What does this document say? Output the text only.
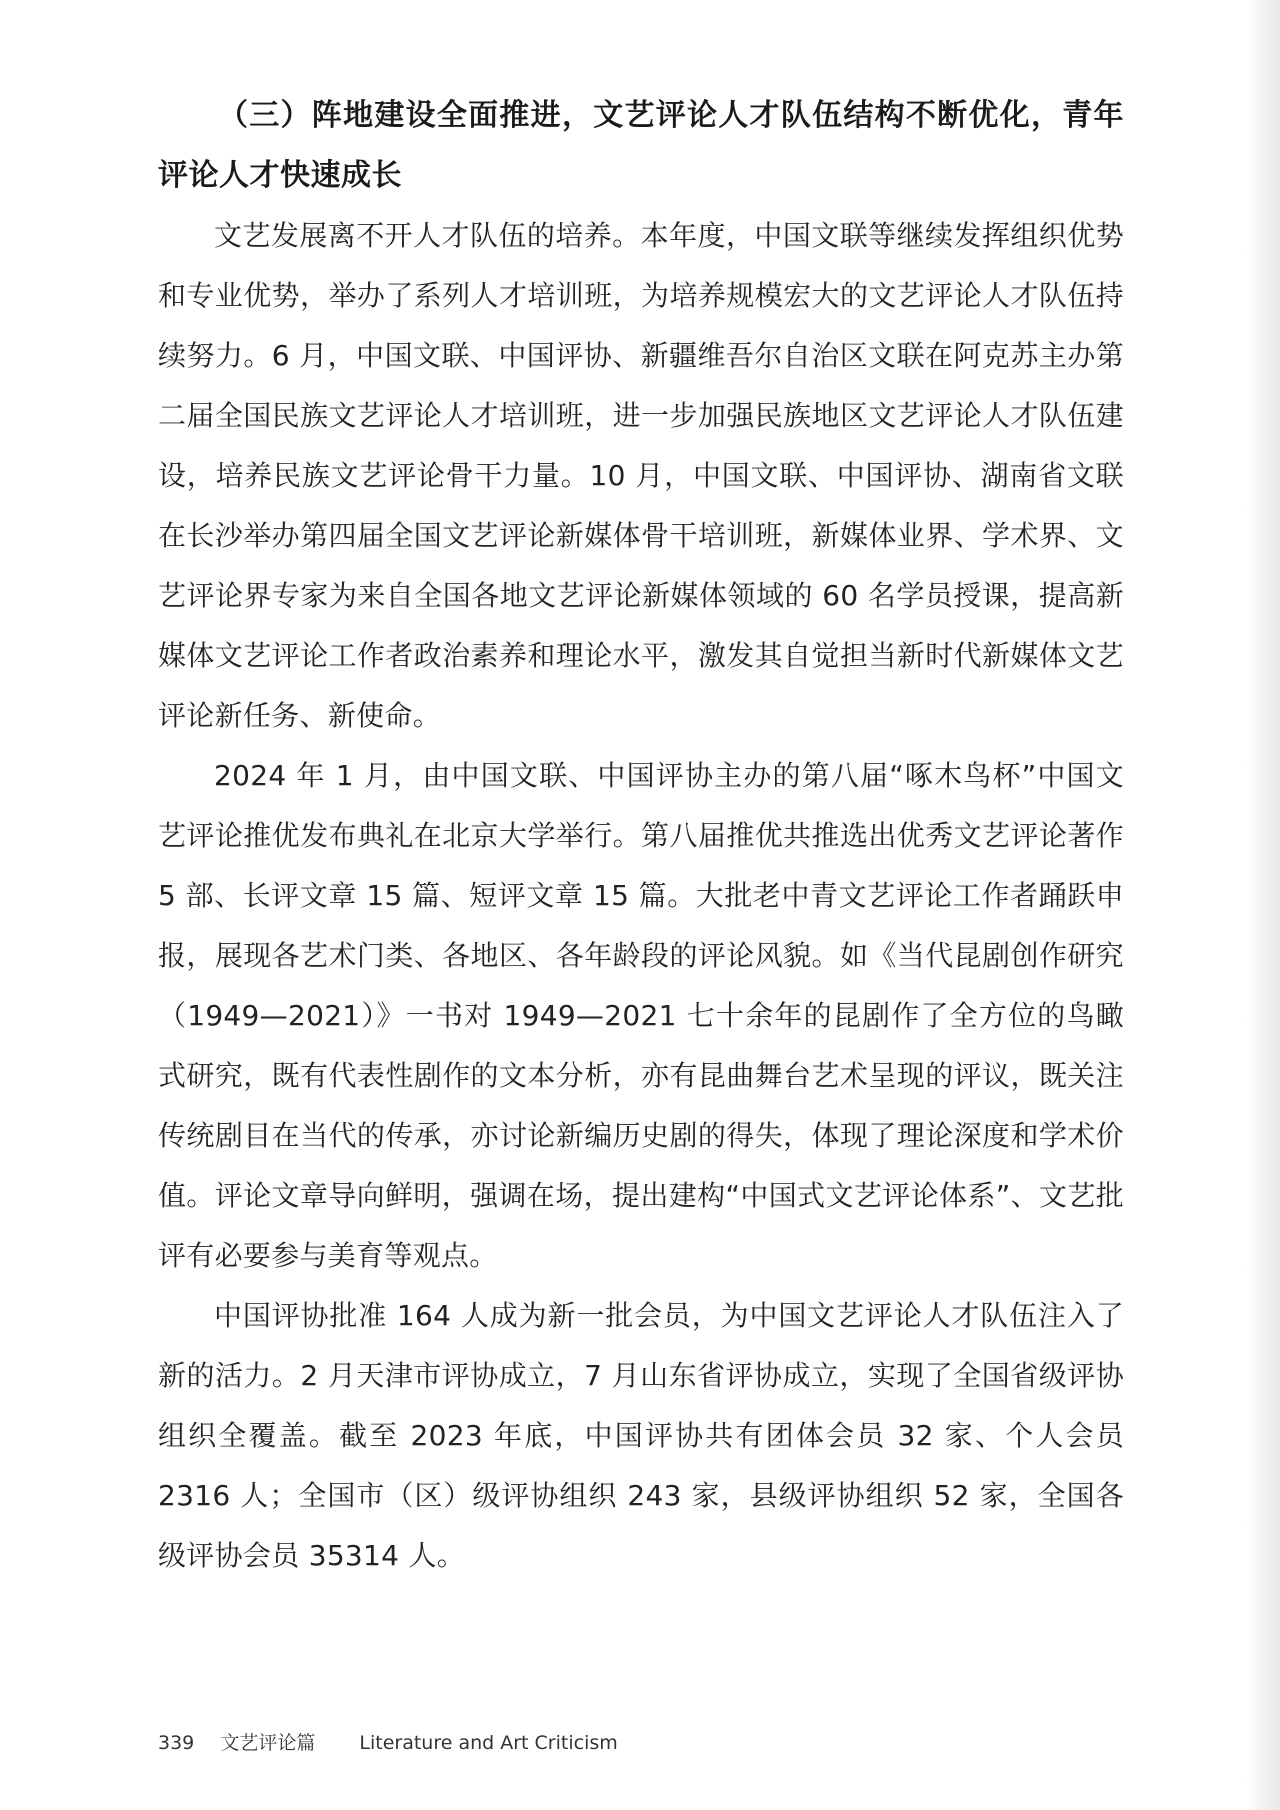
（三）阵地建设全面推进，文艺评论人才队伍结构不断优化，青年评论人才快速成长

文艺发展离不开人才队伍的培养。本年度，中国文联等继续发挥组织优势和专业优势，举办了系列人才培训班，为培养规模宏大的文艺评论人才队伍持续努力。6 月，中国文联、中国评协、新疆维吾尔自治区文联在阿克苏主办第二届全国民族文艺评论人才培训班，进一步加强民族地区文艺评论人才队伍建设，培养民族文艺评论骨干力量。10 月，中国文联、中国评协、湖南省文联在长沙举办第四届全国文艺评论新媒体骨干培训班，新媒体业界、学术界、文艺评论界专家为来自全国各地文艺评论新媒体领域的 60 名学员授课，提高新媒体文艺评论工作者政治素养和理论水平，激发其自觉担当新时代新媒体文艺评论新任务、新使命。

2024 年 1 月，由中国文联、中国评协主办的第八届“啄木鸟杯”中国文艺评论推优发布典礼在北京大学举行。第八届推优共推选出优秀文艺评论著作 5 部、长评文章 15 篇、短评文章 15 篇。大批老中青文艺评论工作者踊跃申报，展现各艺术门类、各地区、各年龄段的评论风貌。如《当代昆剧创作研究（1949—2021）》一书对 1949—2021 七十余年的昆剧作了全方位的鸟瞰式研究，既有代表性剧作的文本分析，亦有昆曲舞台艺术呈现的评议，既关注传统剧目在当代的传承，亦讨论新编历史剧的得失，体现了理论深度和学术价值。评论文章导向鲜明，强调在场，提出建构“中国式文艺评论体系”、文艺批评有必要参与美育等观点。

中国评协批准 164 人成为新一批会员，为中国文艺评论人才队伍注入了新的活力。2 月天津市评协成立，7 月山东省评协成立，实现了全国省级评协组织全覆盖。截至 2023 年底，中国评协共有团体会员 32 家、个人会员 2316 人；全国市（区）级评协组织 243 家，县级评协组织 52 家，全国各级评协会员 35314 人。

339 文艺评论篇 Literature and Art Criticism
